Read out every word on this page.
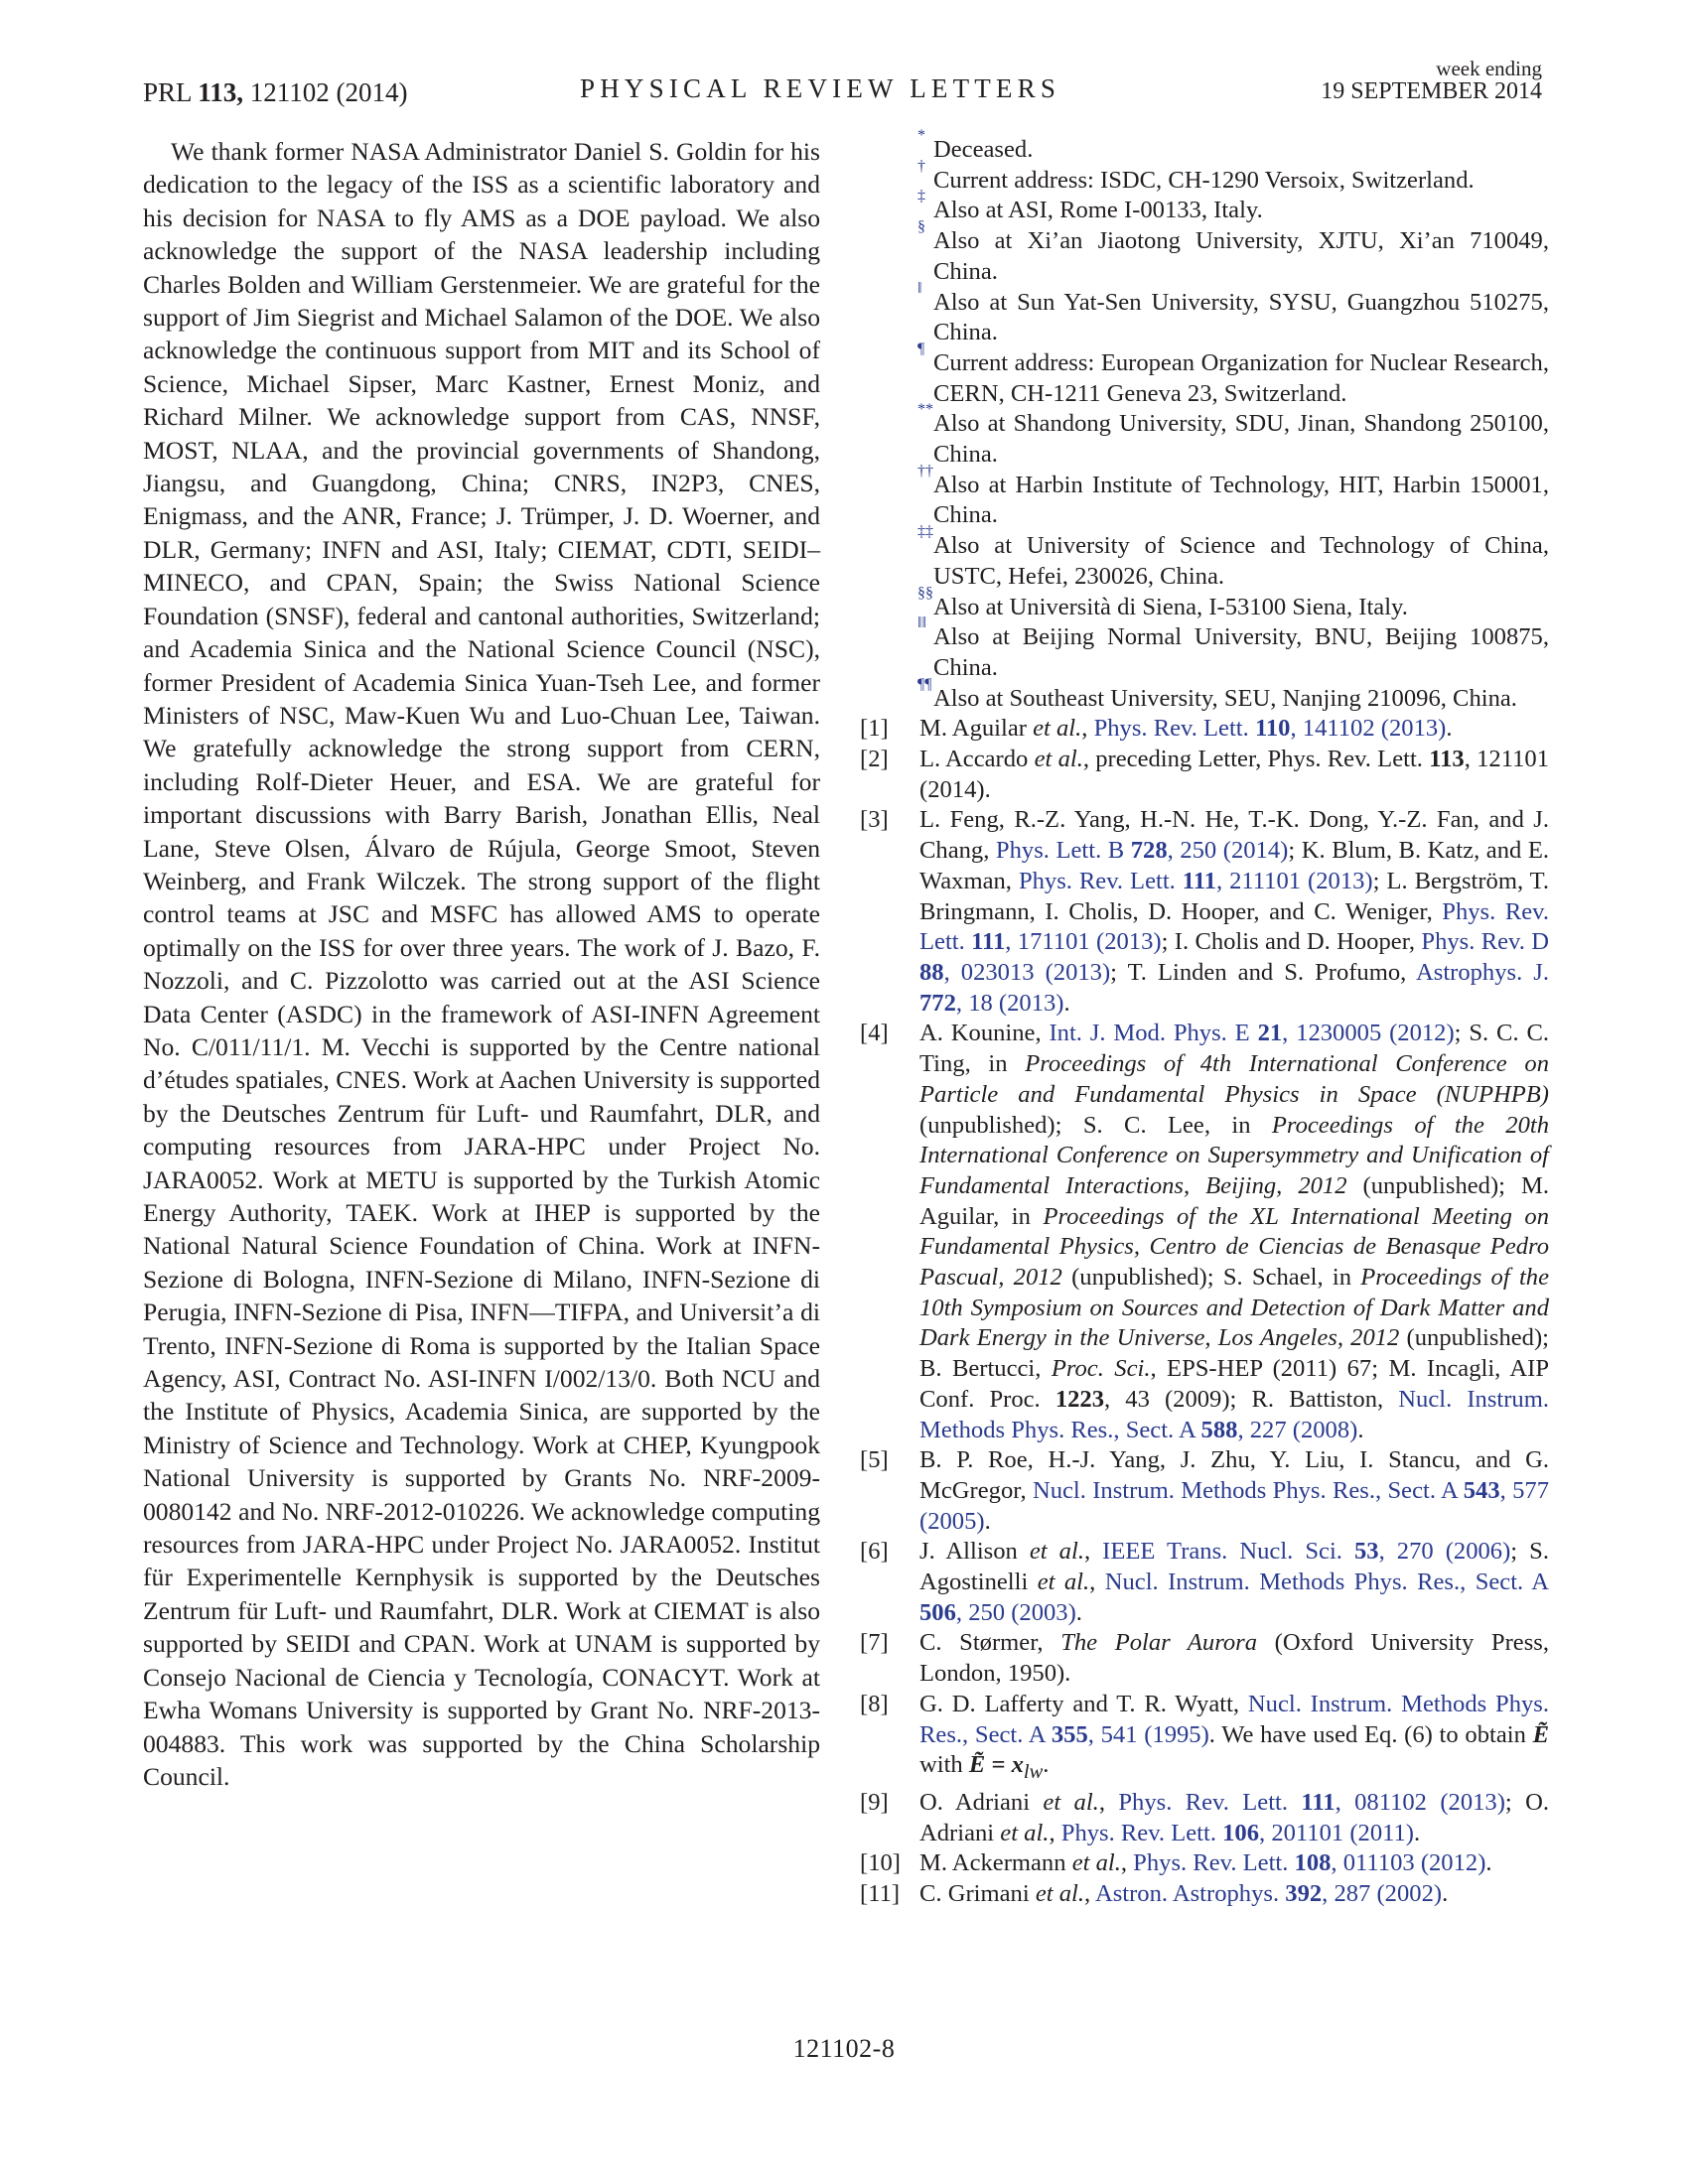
PRL 113, 121102 (2014)	PHYSICAL REVIEW LETTERS
week ending
19 SEPTEMBER 2014

We thank former NASA Administrator Daniel S. Goldin for his dedication to the legacy of the ISS as a scientific laboratory and his decision for NASA to fly AMS as a DOE payload. We also acknowledge the support of the NASA leadership including Charles Bolden and William Gerstenmeier. We are grateful for the support of Jim Siegrist and Michael Salamon of the DOE. We also acknowledge the continuous support from MIT and its School of Science, Michael Sipser, Marc Kastner, Ernest Moniz, and Richard Milner. We acknowledge support from CAS, NNSF, MOST, NLAA, and the provincial governments of Shandong, Jiangsu, and Guangdong, China; CNRS, IN2P3, CNES, Enigmass, and the ANR, France; J. Trümper, J. D. Woerner, and DLR, Germany; INFN and ASI, Italy; CIEMAT, CDTI, SEIDI–MINECO, and CPAN, Spain; the Swiss National Science Foundation (SNSF), federal and cantonal authorities, Switzerland; and Academia Sinica and the National Science Council (NSC), former President of Academia Sinica Yuan-Tseh Lee, and former Ministers of NSC, Maw-Kuen Wu and Luo-Chuan Lee, Taiwan. We gratefully acknowledge the strong support from CERN, including Rolf-Dieter Heuer, and ESA. We are grateful for important discussions with Barry Barish, Jonathan Ellis, Neal Lane, Steve Olsen, Álvaro de Rújula, George Smoot, Steven Weinberg, and Frank Wilczek. The strong support of the flight control teams at JSC and MSFC has allowed AMS to operate optimally on the ISS for over three years. The work of J. Bazo, F. Nozzoli, and C. Pizzolotto was carried out at the ASI Science Data Center (ASDC) in the framework of ASI-INFN Agreement No. C/011/11/1. M. Vecchi is supported by the Centre national d’études spatiales, CNES. Work at Aachen University is supported by the Deutsches Zentrum für Luft- und Raumfahrt, DLR, and computing resources from JARA-HPC under Project No. JARA0052. Work at METU is supported by the Turkish Atomic Energy Authority, TAEK. Work at IHEP is supported by the National Natural Science Foundation of China. Work at INFN-Sezione di Bologna, INFN-Sezione di Milano, INFN-Sezione di Perugia, INFN-Sezione di Pisa, INFN—TIFPA, and Universit’a di Trento, INFN-Sezione di Roma is supported by the Italian Space Agency, ASI, Contract No. ASI-INFN I/002/13/0. Both NCU and the Institute of Physics, Academia Sinica, are supported by the Ministry of Science and Technology. Work at CHEP, Kyungpook National University is supported by Grants No. NRF-2009-0080142 and No. NRF-2012-010226. We acknowledge computing resources from JARA-HPC under Project No. JARA0052. Institut für Experimentelle Kernphysik is supported by the Deutsches Zentrum für Luft- und Raumfahrt, DLR. Work at CIEMAT is also supported by SEIDI and CPAN. Work at UNAM is supported by Consejo Nacional de Ciencia y Tecnología, CONACYT. Work at Ewha Womans University is supported by Grant No. NRF-2013-004883. This work was supported by the China Scholarship Council.

*
Deceased.
†
Current address: ISDC, CH-1290 Versoix, Switzerland.
‡
Also at ASI, Rome I-00133, Italy.
§
Also at Xi’an Jiaotong University, XJTU, Xi’an 710049, China.
‖
Also at Sun Yat-Sen University, SYSU, Guangzhou 510275, China.
¶
Current address: European Organization for Nuclear Research, CERN, CH-1211 Geneva 23, Switzerland.
**
Also at Shandong University, SDU, Jinan, Shandong 250100, China.
††
Also at Harbin Institute of Technology, HIT, Harbin 150001, China.
‡‡
Also at University of Science and Technology of China, USTC, Hefei, 230026, China.
§§
Also at Università di Siena, I-53100 Siena, Italy.
‖‖
Also at Beijing Normal University, BNU, Beijing 100875, China.
¶¶
Also at Southeast University, SEU, Nanjing 210096, China.
[1]	M. Aguilar et al., Phys. Rev. Lett. 110, 141102 (2013).
[2]	L. Accardo et al., preceding Letter, Phys. Rev. Lett. 113, 121101 (2014).
[3]	L. Feng, R.-Z. Yang, H.-N. He, T.-K. Dong, Y.-Z. Fan, and J. Chang, Phys. Lett. B 728, 250 (2014); K. Blum, B. Katz, and E. Waxman, Phys. Rev. Lett. 111, 211101 (2013); L. Bergström, T. Bringmann, I. Cholis, D. Hooper, and C. Weniger, Phys. Rev. Lett. 111, 171101 (2013); I. Cholis and D. Hooper, Phys. Rev. D 88, 023013 (2013); T. Linden and S. Profumo, Astrophys. J. 772, 18 (2013).
[4]	A. Kounine, Int. J. Mod. Phys. E 21, 1230005 (2012); S. C. C. Ting, in Proceedings of 4th International Conference on Particle and Fundamental Physics in Space (NUPHPB) (unpublished); S. C. Lee, in Proceedings of the 20th International Conference on Supersymmetry and Unification of Fundamental Interactions, Beijing, 2012 (unpublished); M. Aguilar, in Proceedings of the XL International Meeting on Fundamental Physics, Centro de Ciencias de Benasque Pedro Pascual, 2012 (unpublished); S. Schael, in Proceedings of the 10th Symposium on Sources and Detection of Dark Matter and Dark Energy in the Universe, Los Angeles, 2012 (unpublished); B. Bertucci, Proc. Sci., EPS-HEP (2011) 67; M. Incagli, AIP Conf. Proc. 1223, 43 (2009); R. Battiston, Nucl. Instrum. Methods Phys. Res., Sect. A 588, 227 (2008).
[5]	B. P. Roe, H.-J. Yang, J. Zhu, Y. Liu, I. Stancu, and G. McGregor, Nucl. Instrum. Methods Phys. Res., Sect. A 543, 577 (2005).
[6]	J. Allison et al., IEEE Trans. Nucl. Sci. 53, 270 (2006); S. Agostinelli et al., Nucl. Instrum. Methods Phys. Res., Sect. A 506, 250 (2003).
[7]	C. Størmer, The Polar Aurora (Oxford University Press, London, 1950).
[8]	G. D. Lafferty and T. R. Wyatt, Nucl. Instrum. Methods Phys. Res., Sect. A 355, 541 (1995). We have used Eq. (6) to obtain Ẽ with Ẽ = $x_{lw}$.
[9]	O. Adriani et al., Phys. Rev. Lett. 111, 081102 (2013); O. Adriani et al., Phys. Rev. Lett. 106, 201101 (2011).
[10] M. Ackermann et al., Phys. Rev. Lett. 108, 011103 (2012).
[11] C. Grimani et al., Astron. Astrophys. 392, 287 (2002).
121102-8
